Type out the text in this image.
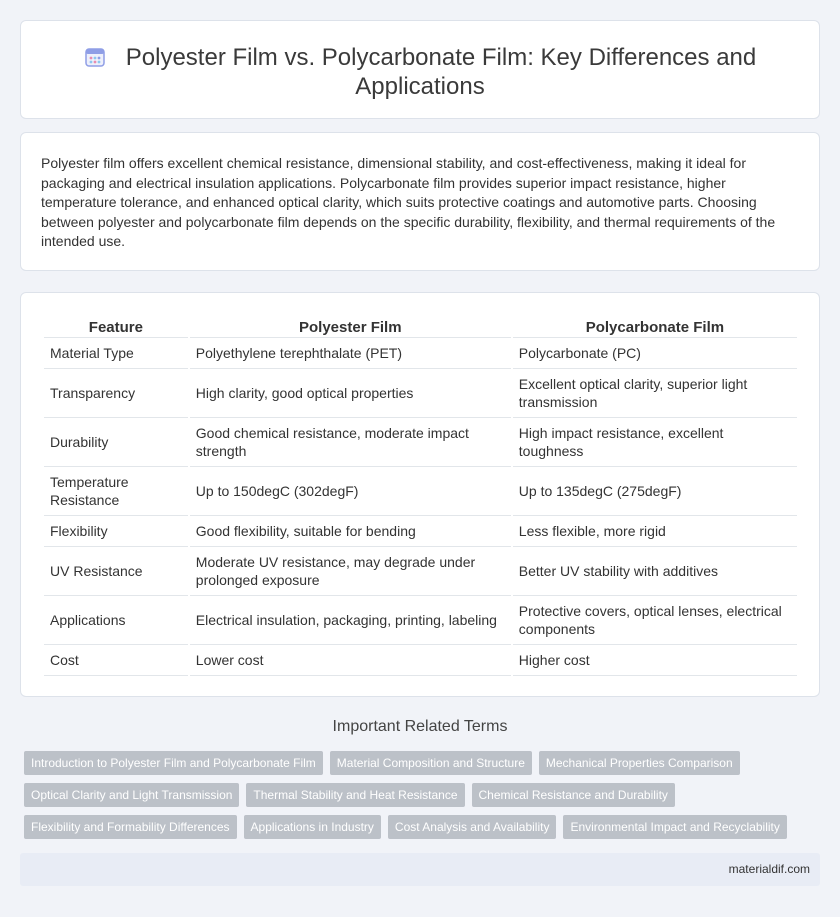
Polyester Film vs. Polycarbonate Film: Key Differences and Applications

Polyester film offers excellent chemical resistance, dimensional stability, and cost-effectiveness, making it ideal for packaging and electrical insulation applications. Polycarbonate film provides superior impact resistance, higher temperature tolerance, and enhanced optical clarity, which suits protective coatings and automotive parts. Choosing between polyester and polycarbonate film depends on the specific durability, flexibility, and thermal requirements of the intended use.

Feature	Polyester Film	Polycarbonate Film
Material Type	Polyethylene terephthalate (PET)	Polycarbonate (PC)
Transparency	High clarity, good optical properties	Excellent optical clarity, superior light transmission
Durability	Good chemical resistance, moderate impact strength	High impact resistance, excellent toughness
Temperature Resistance	Up to 150degC (302degF)	Up to 135degC (275degF)
Flexibility	Good flexibility, suitable for bending	Less flexible, more rigid
UV Resistance	Moderate UV resistance, may degrade under prolonged exposure	Better UV stability with additives
Applications	Electrical insulation, packaging, printing, labeling	Protective covers, optical lenses, electrical components
Cost	Lower cost	Higher cost
Important Related Terms
Introduction to Polyester Film and Polycarbonate Film	Material Composition and Structure	Mechanical Properties Comparison
Optical Clarity and Light Transmission	Thermal Stability and Heat Resistance	Chemical Resistance and Durability
Flexibility and Formability Differences	Applications in Industry	Cost Analysis and Availability	Environmental Impact and Recyclability
materialdif.com
